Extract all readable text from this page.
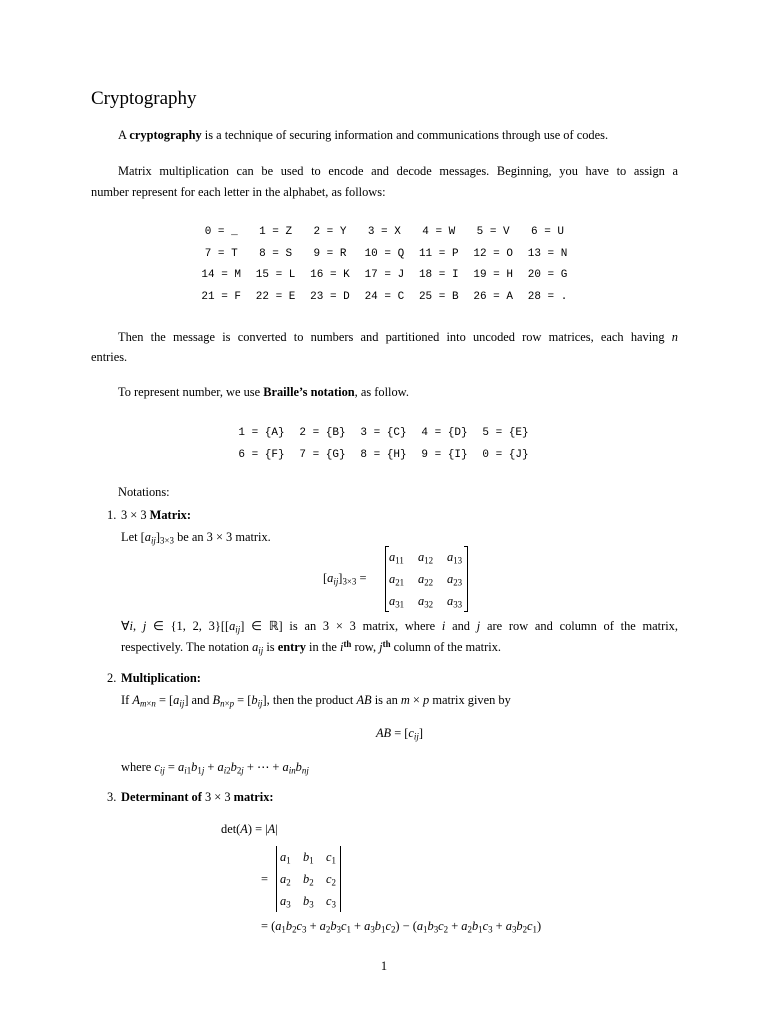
Cryptography
A cryptography is a technique of securing information and communications through use of codes.
Matrix multiplication can be used to encode and decode messages. Beginning, you have to assign a
number represent for each letter in the alphabet, as follows:
0 = _	1 = Z	2 = Y	3 = X	4 = W	5 = V	6 = U
7 = T	8 = S	9 = R	10 = Q	11 = P	12 = O	13 = N
14 = M	15 = L	16 = K	17 = J	18 = I	19 = H	20 = G
21 = F	22 = E	23 = D	24 = C	25 = B	26 = A	28 = .
Then the message is converted to numbers and partitioned into uncoded row matrices, each having n
entries.
To represent number, we use Braille’s notation, as follow.
1 = {A}	2 = {B}	3 = {C}	4 = {D}	5 = {E}
6 = {F}	7 = {G}	8 = {H}	9 = {I}	0 = {J}
Notations:
1. 3 × 3 Matrix:
Let $[a_{ij}]_{3\times 3}$ be an 3 × 3 matrix.
$[a_{ij}]_{3\times 3}$ =
$a_{11}$	$a_{12}$	$a_{13}$
$a_{21}$	$a_{22}$	$a_{23}$
$a_{31}$	$a_{32}$	$a_{33}$
∀i, j ∈ {1, 2, $3\}[[a_{ij}]$ ∈ ℝ] is an 3 × 3 matrix, where i and j are row and column of the matrix,
respectively. The notation $a_{ij}$ is entry in the $i^{th}$ row, $j^{th}$ column of the matrix.
2. Multiplication:
If $A_{m\times n} = [a_{ij}]$ and $B_{n\times p} = [b_{ij}]$, then the product AB is an m × p matrix given by
AB = $[c_{ij}]$
where $c_{ij} = a_{i1}b_{1j} + a_{i2}b_{2j}$ + ⋯ + $a_{in}b_{nj}$
3. Determinant of 3 × 3 matrix:
det(A) = |A|
=
$a_1$ $b_1$ $c_1$
$a_2$ $b_2$ $c_2$
$a_3$ $b_3$ $c_3$
= $(a_1b_2c_3 + a_2b_3c_1 + a_3b_1c_2) - (a_1b_3c_2 + a_2b_1c_3 + a_3b_2c_1)$
1
